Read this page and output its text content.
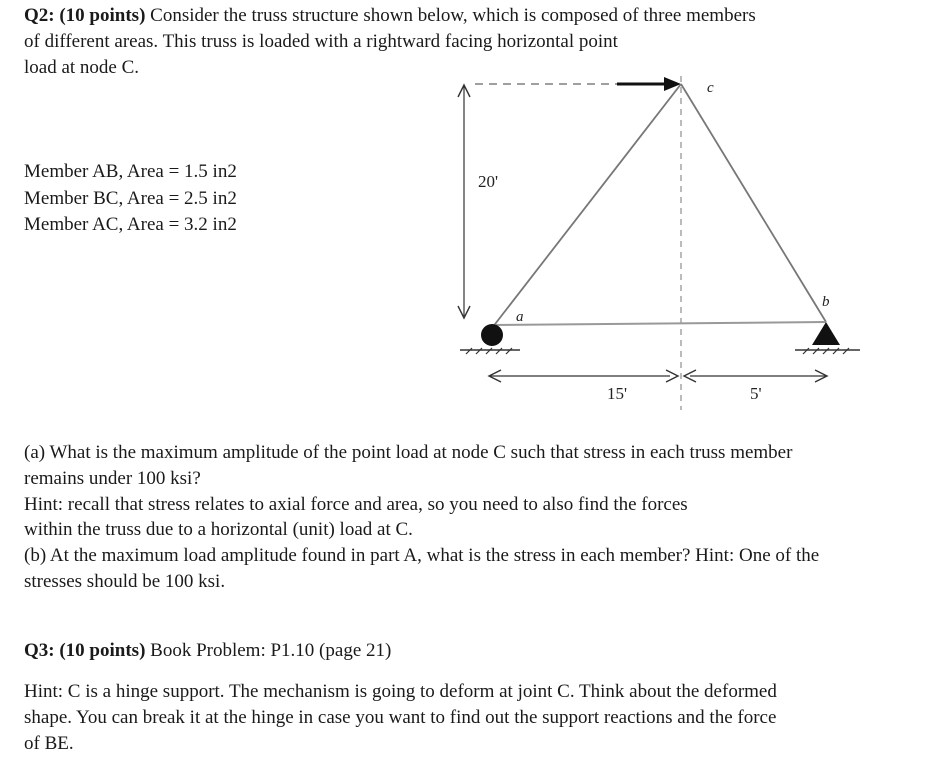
Q2: (10 points) Consider the truss structure shown below, which is composed of three members
of different areas. This truss is loaded with a rightward facing horizontal point
load at node C.
Member AB, Area = 1.5 in2
Member BC, Area = 2.5 in2
Member AC, Area = 3.2 in2
20'
a
b
c
15'	5'
(a) What is the maximum amplitude of the point load at node C such that stress in each truss member
remains under 100 ksi?
Hint: recall that stress relates to axial force and area, so you need to also find the forces
within the truss due to a horizontal (unit) load at C.
(b) At the maximum load amplitude found in part A, what is the stress in each member? Hint: One of the
stresses should be 100 ksi.
Q3: (10 points) Book Problem: P1.10 (page 21)
Hint: C is a hinge support. The mechanism is going to deform at joint C. Think about the deformed
shape. You can break it at the hinge in case you want to find out the support reactions and the force
of BE.
